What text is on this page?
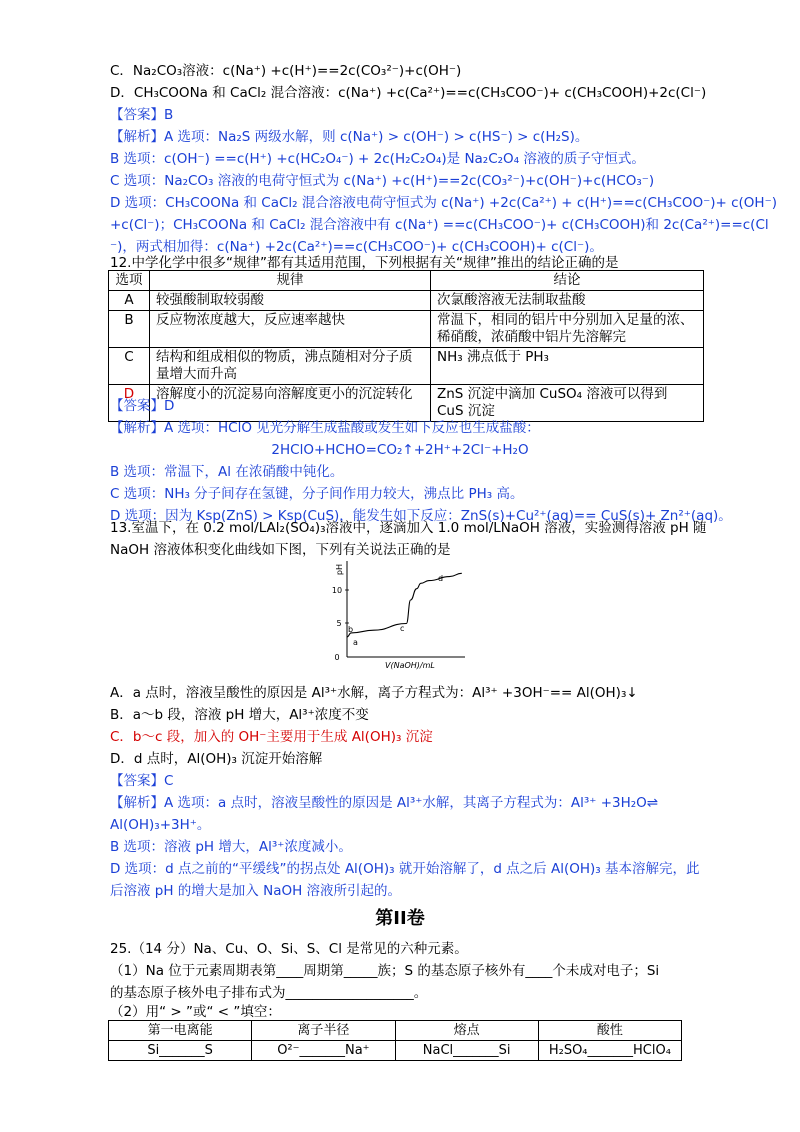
C．Na₂CO₃溶液：c(Na⁺) +c(H⁺)==2c(CO₃²⁻)+c(OH⁻)
D．CH₃COONa 和 CaCl₂ 混合溶液：c(Na⁺) +c(Ca²⁺)==c(CH₃COO⁻)+ c(CH₃COOH)+2c(Cl⁻)
【答案】B
【解析】A 选项：Na₂S 两级水解，则 c(Na⁺) > c(OH⁻) > c(HS⁻) > c(H₂S)。
B 选项：c(OH⁻) ==c(H⁺) +c(HC₂O₄⁻) + 2c(H₂C₂O₄)是 Na₂C₂O₄ 溶液的质子守恒式。
C 选项：Na₂CO₃ 溶液的电荷守恒式为 c(Na⁺) +c(H⁺)==2c(CO₃²⁻)+c(OH⁻)+c(HCO₃⁻)
D 选项：CH₃COONa 和 CaCl₂ 混合溶液电荷守恒式为 c(Na⁺) +2c(Ca²⁺) + c(H⁺)==c(CH₃COO⁻)+ c(OH⁻)
+c(Cl⁻)；CH₃COONa 和 CaCl₂ 混合溶液中有 c(Na⁺) ==c(CH₃COO⁻)+ c(CH₃COOH)和 2c(Ca²⁺)==c(Cl
⁻)，两式相加得：c(Na⁺) +2c(Ca²⁺)==c(CH₃COO⁻)+ c(CH₃COOH)+ c(Cl⁻)。
12.中学化学中很多“规律”都有其适用范围，下列根据有关“规律”推出的结论正确的是
选项	规律	结论
A	较强酸制取较弱酸	次氯酸溶液无法制取盐酸
B	反应物浓度越大，反应速率越快	常温下，相同的铝片中分别加入足量的浓、稀硝酸，浓硝酸中铝片先溶解完
C	结构和组成相似的物质，沸点随相对分子质量增大而升高	NH₃ 沸点低于 PH₃
D	溶解度小的沉淀易向溶解度更小的沉淀转化	ZnS 沉淀中滴加 CuSO₄ 溶液可以得到 CuS 沉淀
【答案】D
【解析】A 选项：HClO 见光分解生成盐酸或发生如下反应也生成盐酸：
2HClO+HCHO=CO₂↑+2H⁺+2Cl⁻+H₂O
B 选项：常温下，Al 在浓硝酸中钝化。
C 选项：NH₃ 分子间存在氢键，分子间作用力较大，沸点比 PH₃ 高。
D 选项：因为 Ksp(ZnS) > Ksp(CuS)，能发生如下反应：ZnS(s)+Cu²⁺(aq)== CuS(s)+ Zn²⁺(aq)。
13.室温下，在 0.2 mol/LAl₂(SO₄)₃溶液中，逐滴加入 1.0 mol/LNaOH 溶液，实验测得溶液 pH 随
NaOH 溶液体积变化曲线如下图，下列有关说法正确的是
pH
0
5
10
b
a
c
d
V(NaOH)/mL
A．a 点时，溶液呈酸性的原因是 Al³⁺水解，离子方程式为：Al³⁺ +3OH⁻== Al(OH)₃↓
B．a～b 段，溶液 pH 增大，Al³⁺浓度不变
C．b～c 段，加入的 OH⁻主要用于生成 Al(OH)₃ 沉淀
D．d 点时，Al(OH)₃ 沉淀开始溶解
【答案】C
【解析】A 选项：a 点时，溶液呈酸性的原因是 Al³⁺水解，其离子方程式为：Al³⁺ +3H₂O⇌
Al(OH)₃+3H⁺。
B 选项：溶液 pH 增大，Al³⁺浓度减小。
D 选项：d 点之前的“平缓线”的拐点处 Al(OH)₃ 就开始溶解了，d 点之后 Al(OH)₃ 基本溶解完，此
后溶液 pH 的增大是加入 NaOH 溶液所引起的。
第II卷
25.（14 分）Na、Cu、O、Si、S、Cl 是常见的六种元素。
（1）Na 位于元素周期表第____周期第_____族；S 的基态原子核外有____个未成对电子；Si
的基态原子核外电子排布式为___________________。
（2）用“ > ”或“ < ”填空：
第一电离能	离子半径	熔点	酸性
Si_______S	O²⁻_______Na⁺	NaCl_______Si	H₂SO₄_______HClO₄
